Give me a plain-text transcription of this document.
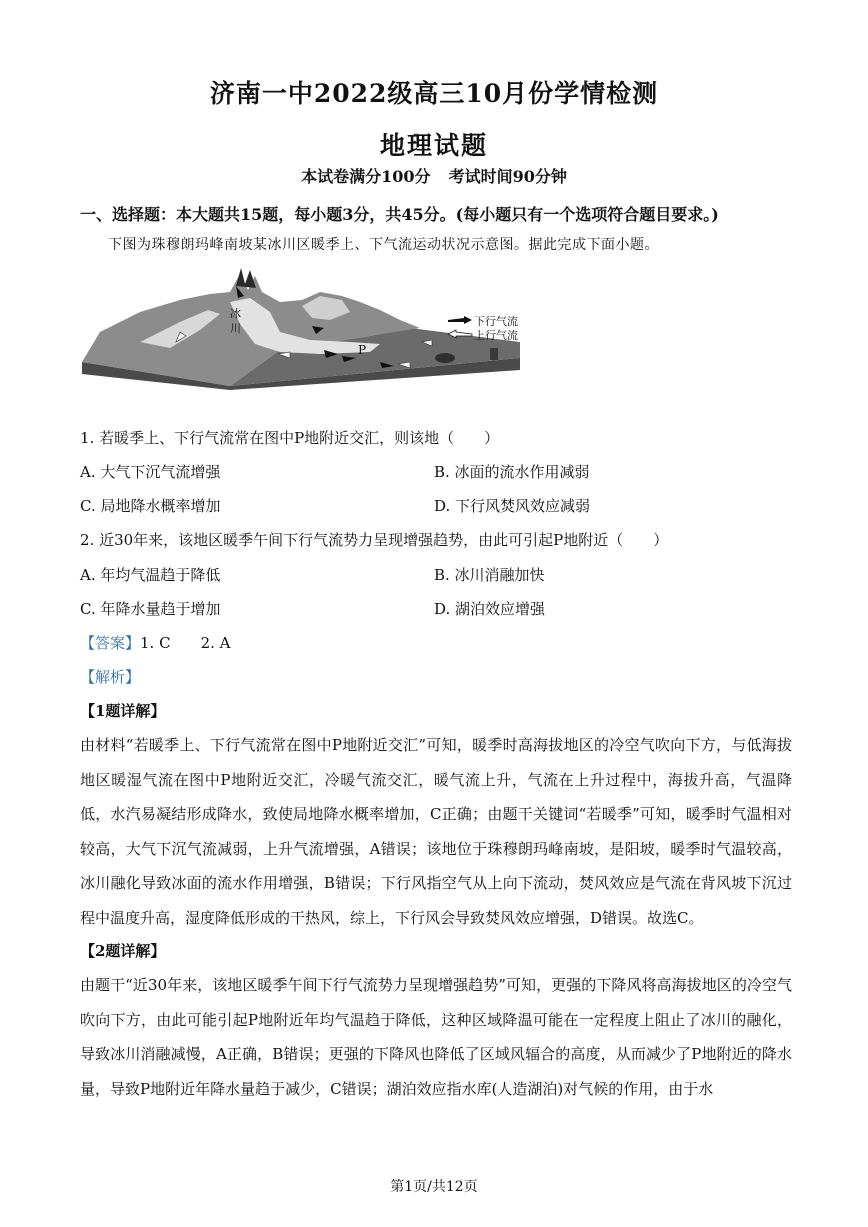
济南一中2022级高三10月份学情检测
地理试题
本试卷满分100分 考试时间90分钟
一、选择题：本大题共15题，每小题3分，共45分。(每小题只有一个选项符合题目要求。)
下图为珠穆朗玛峰南坡某冰川区暖季上、下气流运动状况示意图。据此完成下面小题。
冰
川
P
下行气流
上行气流
1. 若暖季上、下行气流常在图中P地附近交汇，则该地（　　）
A. 大气下沉气流增强	B. 冰面的流水作用减弱
C. 局地降水概率增加	D. 下行风焚风效应减弱
2. 近30年来，该地区暖季午间下行气流势力呈现增强趋势，由此可引起P地附近（　　）
A. 年均气温趋于降低	B. 冰川消融加快
C. 年降水量趋于增加	D. 湖泊效应增强
【答案】1. C　　2. A
【解析】
【1题详解】
由材料“若暖季上、下行气流常在图中P地附近交汇”可知，暖季时高海拔地区的冷空气吹向下方，与低海拔地区暖湿气流在图中P地附近交汇，冷暖气流交汇，暖气流上升，气流在上升过程中，海拔升高，气温降低，水汽易凝结形成降水，致使局地降水概率增加，C正确；由题干关键词“若暖季”可知，暖季时气温相对较高，大气下沉气流减弱，上升气流增强，A错误；该地位于珠穆朗玛峰南坡，是阳坡，暖季时气温较高，冰川融化导致冰面的流水作用增强，B错误；下行风指空气从上向下流动，焚风效应是气流在背风坡下沉过程中温度升高，湿度降低形成的干热风，综上，下行风会导致焚风效应增强，D错误。故选C。
【2题详解】
由题干“近30年来，该地区暖季午间下行气流势力呈现增强趋势”可知，更强的下降风将高海拔地区的冷空气吹向下方，由此可能引起P地附近年均气温趋于降低，这种区域降温可能在一定程度上阻止了冰川的融化，导致冰川消融减慢，A正确，B错误；更强的下降风也降低了区域风辐合的高度，从而减少了P地附近的降水量，导致P地附近年降水量趋于减少，C错误；湖泊效应指水库(人造湖泊)对气候的作用，由于水
第1页/共12页
